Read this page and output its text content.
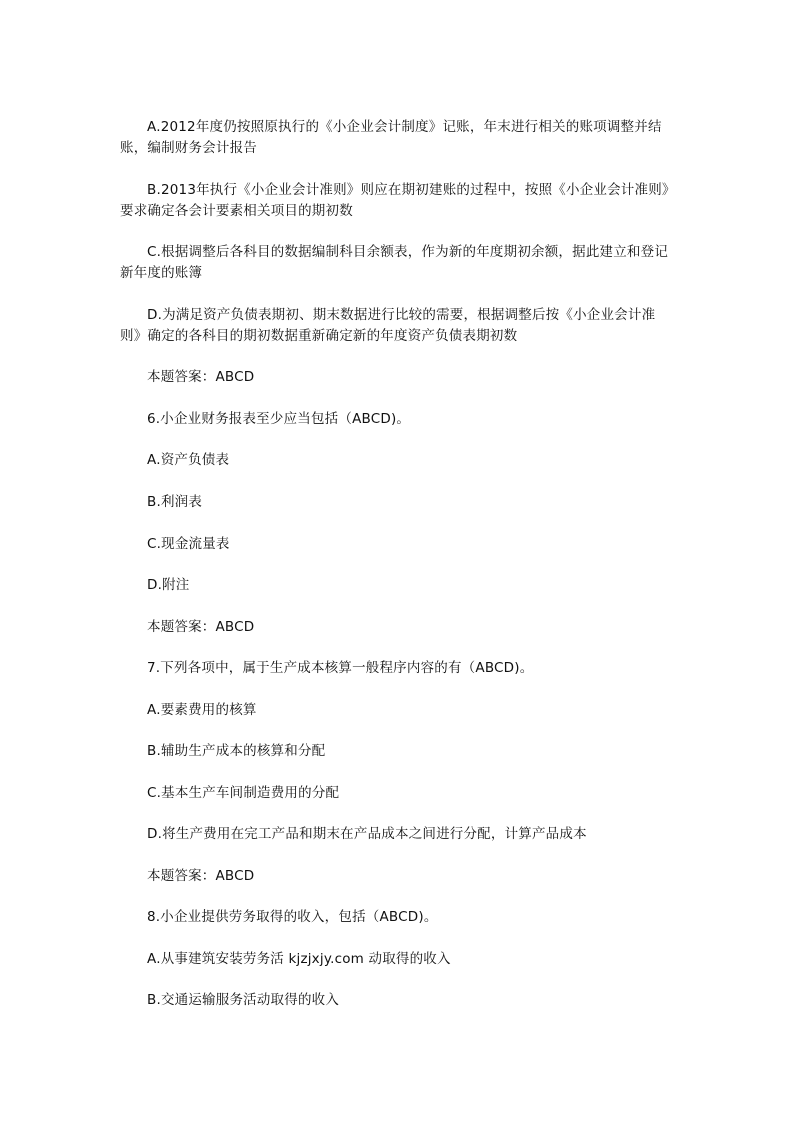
A.2012年度仍按照原执行的《小企业会计制度》记账，年末进行相关的账项调整并结账，编制财务会计报告

B.2013年执行《小企业会计准则》则应在期初建账的过程中，按照《小企业会计准则》要求确定各会计要素相关项目的期初数

C.根据调整后各科目的数据编制科目余额表，作为新的年度期初余额，据此建立和登记新年度的账簿

D.为满足资产负债表期初、期末数据进行比较的需要，根据调整后按《小企业会计准则》确定的各科目的期初数据重新确定新的年度资产负债表期初数

本题答案：ABCD

6.小企业财务报表至少应当包括（ABCD)。

A.资产负债表

B.利润表

C.现金流量表

D.附注

本题答案：ABCD

7.下列各项中，属于生产成本核算一般程序内容的有（ABCD)。

A.要素费用的核算

B.辅助生产成本的核算和分配

C.基本生产车间制造费用的分配

D.将生产费用在完工产品和期末在产品成本之间进行分配，计算产品成本

本题答案：ABCD

8.小企业提供劳务取得的收入，包括（ABCD)。

A.从事建筑安装劳务活 kjzjxjy.com 动取得的收入

B.交通运输服务活动取得的收入
